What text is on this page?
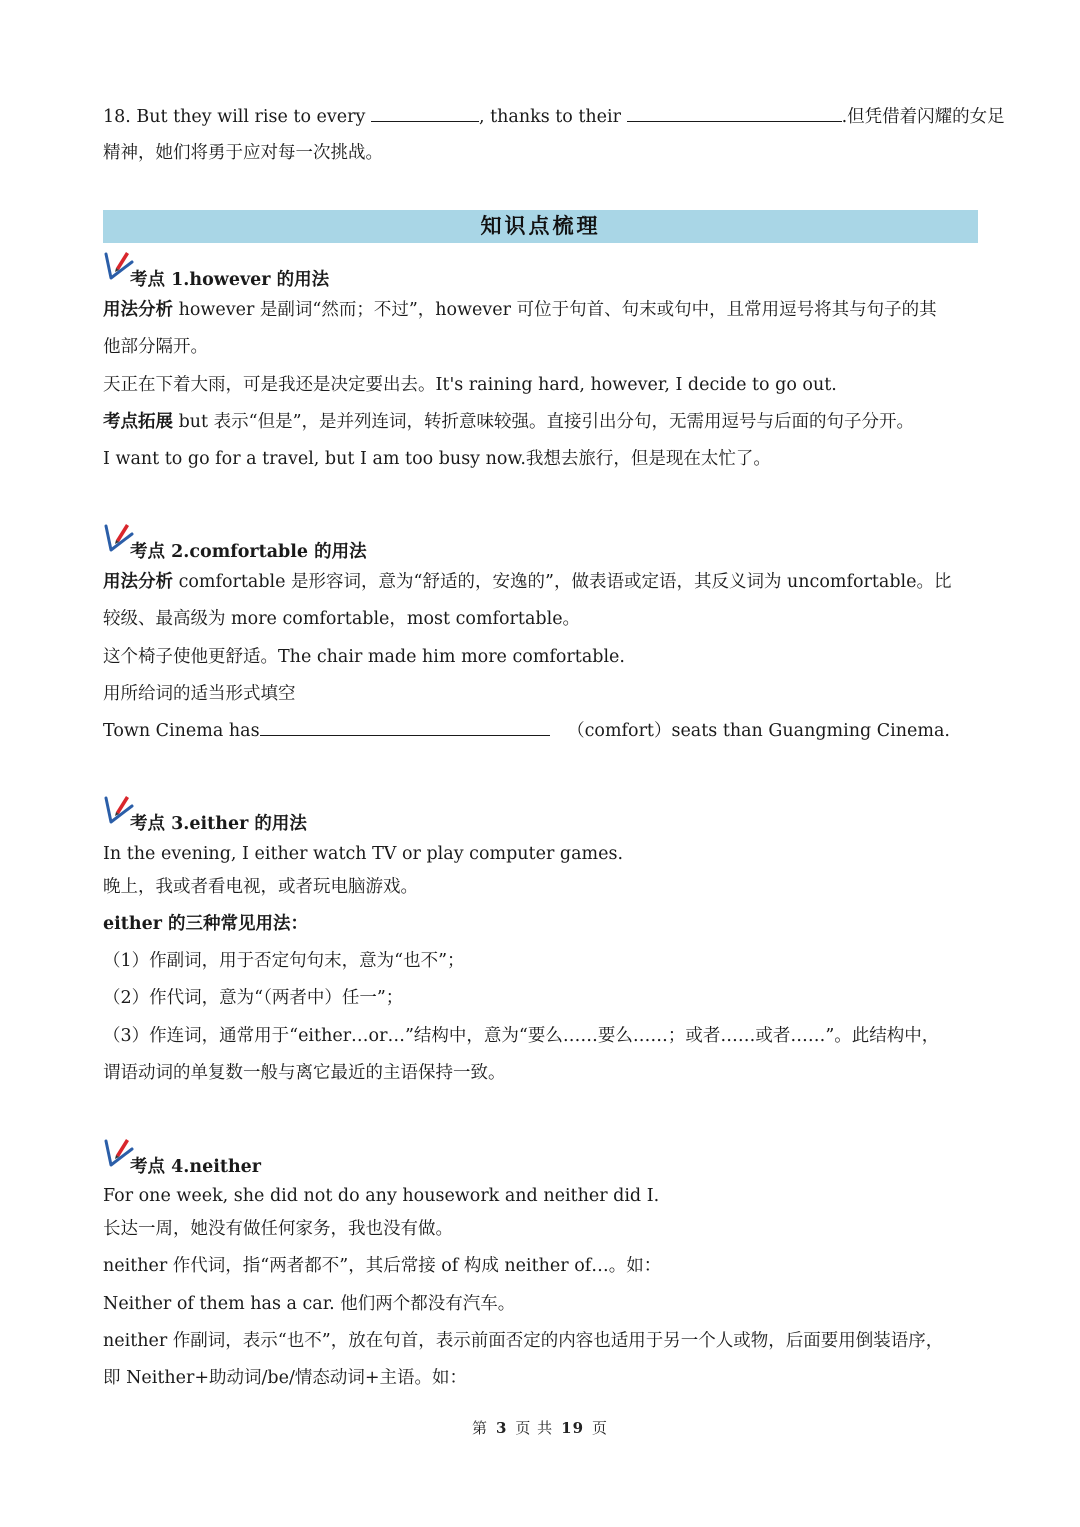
18. But they will rise to every	, thanks to their	.但凭借着闪耀的女足
精神，她们将勇于应对每一次挑战。
知识点梳理
考点 1.however 的用法
用法分析 however 是副词“然而；不过”，however 可位于句首、句末或句中，且常用逗号将其与句子的其
他部分隔开。
天正在下着大雨，可是我还是决定要出去。It's raining hard, however, I decide to go out.
考点拓展 but 表示“但是”，是并列连词，转折意味较强。直接引出分句，无需用逗号与后面的句子分开。
I want to go for a travel, but I am too busy now.我想去旅行，但是现在太忙了。
考点 2.comfortable 的用法
用法分析 comfortable 是形容词，意为“舒适的，安逸的”，做表语或定语，其反义词为 uncomfortable。比
较级、最高级为 more comfortable，most comfortable。
这个椅子使他更舒适。The chair made him more comfortable.
用所给词的适当形式填空
Town Cinema has	（comfort）seats than Guangming Cinema.
考点 3.either 的用法
In the evening, I either watch TV or play computer games.
晚上，我或者看电视，或者玩电脑游戏。
either 的三种常见用法：
（1）作副词，用于否定句句末，意为“也不”；
（2）作代词，意为“（两者中）任一”；
（3）作连词，通常用于“either…or…”结构中，意为“要么……要么……；或者……或者……”。此结构中，
谓语动词的单复数一般与离它最近的主语保持一致。
考点 4.neither
For one week, she did not do any housework and neither did I.
长达一周，她没有做任何家务，我也没有做。
neither 作代词，指“两者都不”，其后常接 of 构成 neither of…。如：
Neither of them has a car. 他们两个都没有汽车。
neither 作副词，表示“也不”，放在句首，表示前面否定的内容也适用于另一个人或物，后面要用倒装语序，
即 Neither+助动词/be/情态动词+主语。如：
第 3 页 共 19 页
